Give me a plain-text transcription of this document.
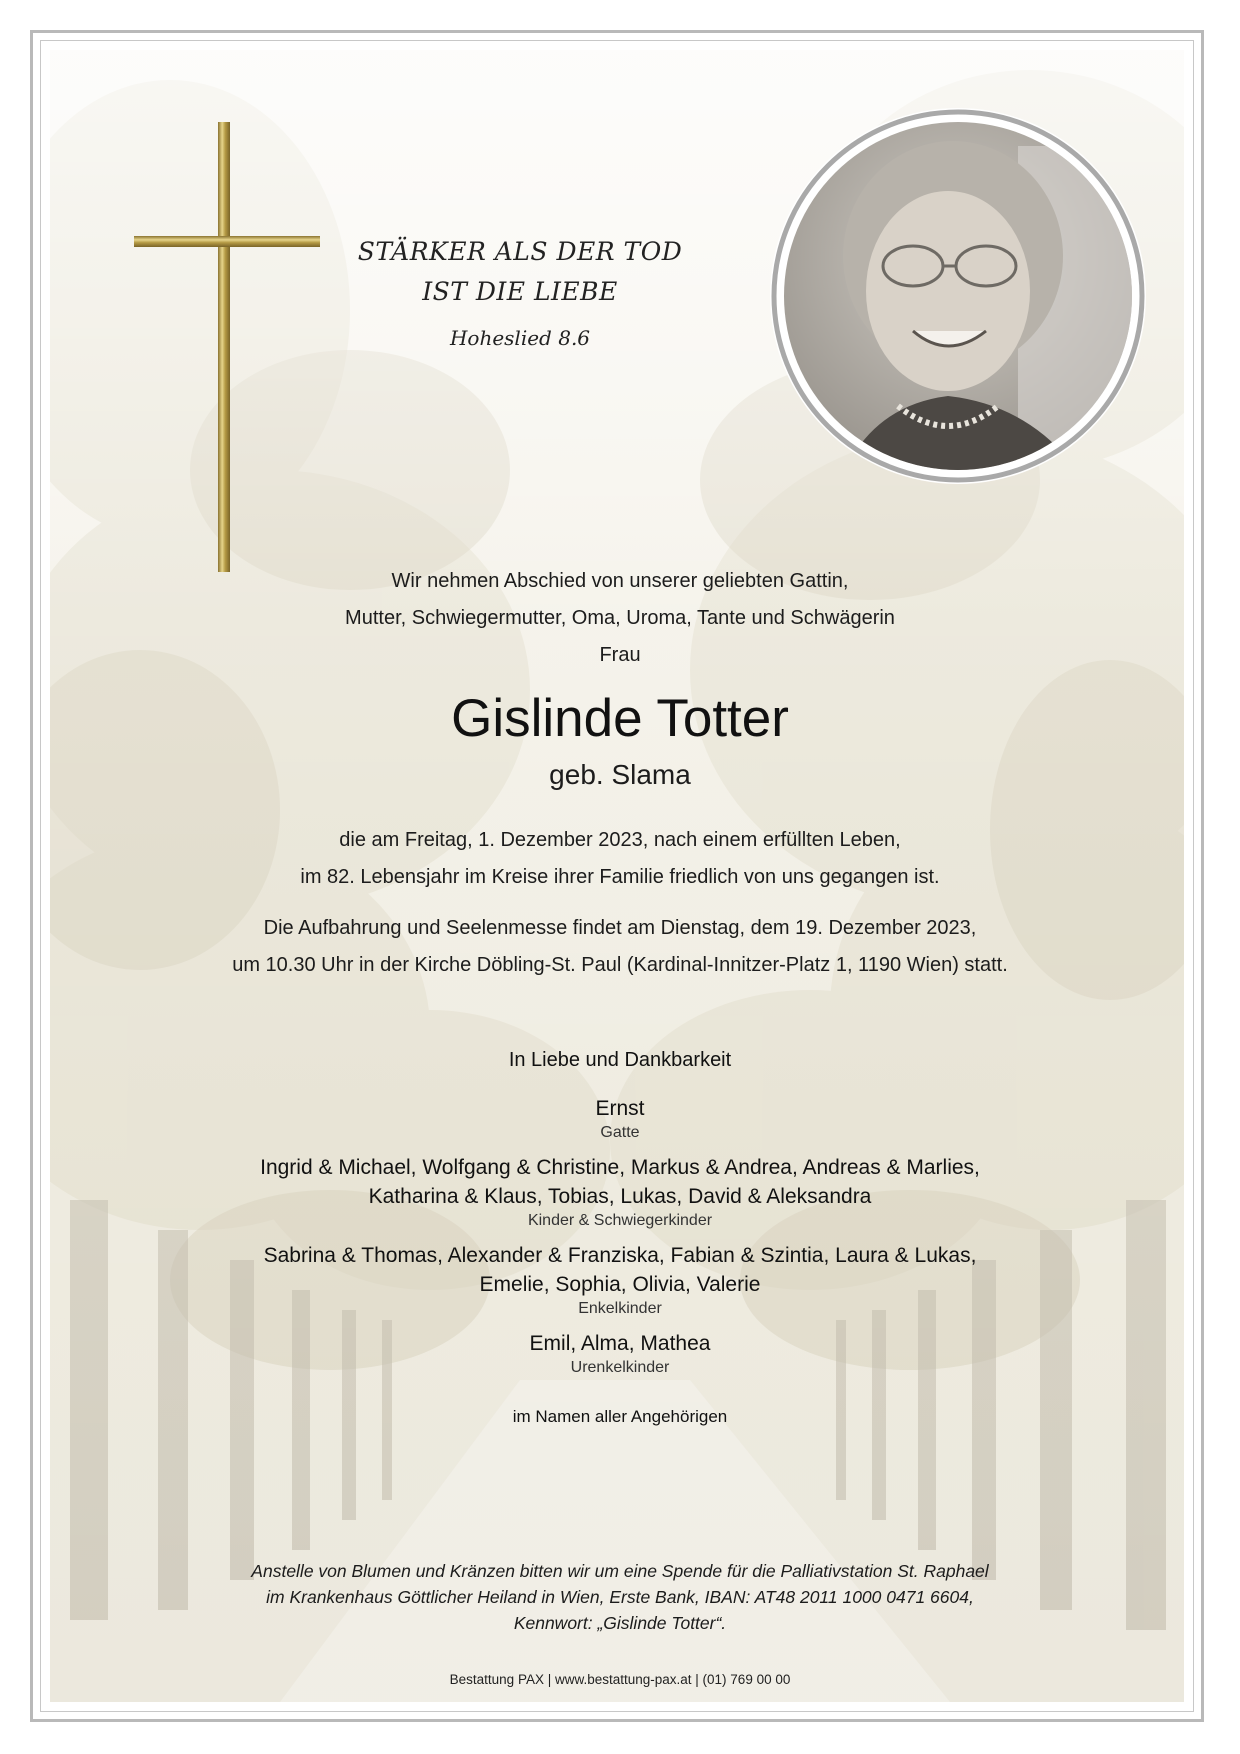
STÄRKER ALS DER TOD
IST DIE LIEBE
Hoheslied 8.6
Wir nehmen Abschied von unserer geliebten Gattin,
Mutter, Schwiegermutter, Oma, Uroma, Tante und Schwägerin
Frau
Gislinde Totter
geb. Slama
die am Freitag, 1. Dezember 2023, nach einem erfüllten Leben,
im 82. Lebensjahr im Kreise ihrer Familie friedlich von uns gegangen ist.
Die Aufbahrung und Seelenmesse findet am Dienstag, dem 19. Dezember 2023,
um 10.30 Uhr in der Kirche Döbling-St. Paul (Kardinal-Innitzer-Platz 1, 1190 Wien) statt.
In Liebe und Dankbarkeit
Ernst
Gatte
Ingrid & Michael, Wolfgang & Christine, Markus & Andrea, Andreas & Marlies,
Katharina & Klaus, Tobias, Lukas, David & Aleksandra
Kinder & Schwiegerkinder
Sabrina & Thomas, Alexander & Franziska, Fabian & Szintia, Laura & Lukas,
Emelie, Sophia, Olivia, Valerie
Enkelkinder
Emil, Alma, Mathea
Urenkelkinder
im Namen aller Angehörigen
Anstelle von Blumen und Kränzen bitten wir um eine Spende für die Palliativstation St. Raphael
im Krankenhaus Göttlicher Heiland in Wien, Erste Bank, IBAN: AT48 2011 1000 0471 6604,
Kennwort: „Gislinde Totter“.
Bestattung PAX | www.bestattung-pax.at | (01) 769 00 00
